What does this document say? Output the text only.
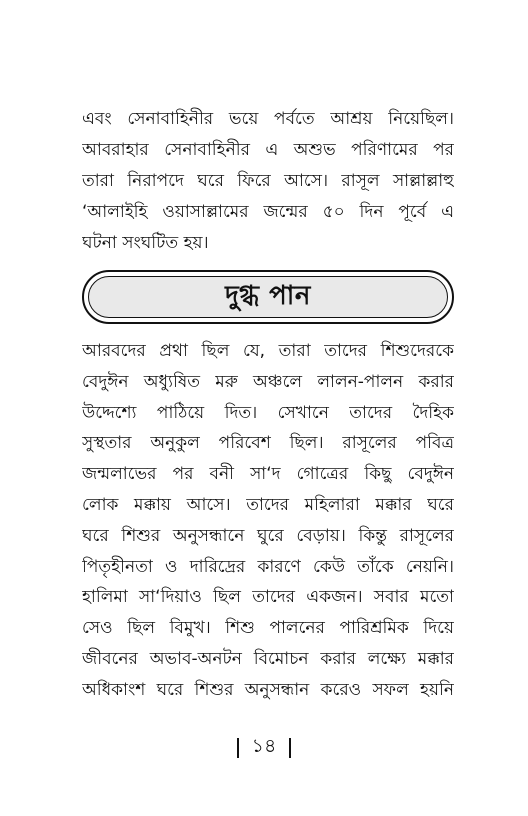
এবং সেনাবাহিনীর ভয়ে পর্বতে আশ্রয় নিয়েছিল।
আবরাহার সেনাবাহিনীর এ অশুভ পরিণামের পর
তারা নিরাপদে ঘরে ফিরে আসে। রাসূল সাল্লাল্লাহু
‘আলাইহি ওয়াসাল্লামের জন্মের ৫০ দিন পূর্বে এ
ঘটনা সংঘটিত হয়।
দুগ্ধ পান
আরবদের প্রথা ছিল যে, তারা তাদের শিশুদেরকে
বেদুঈন অধ্যুষিত মরু অঞ্চলে লালন-পালন করার
উদ্দেশ্যে পাঠিয়ে দিত। সেখানে তাদের দৈহিক
সুস্থতার অনুকুল পরিবেশ ছিল। রাসূলের পবিত্র
জন্মলাভের পর বনী সা‘দ গোত্রের কিছু বেদুঈন
লোক মক্কায় আসে। তাদের মহিলারা মক্কার ঘরে
ঘরে শিশুর অনুসন্ধানে ঘুরে বেড়ায়। কিন্তু রাসূলের
পিতৃহীনতা ও দারিদ্রের কারণে কেউ তাঁকে নেয়নি।
হালিমা সা‘দিয়াও ছিল তাদের একজন। সবার মতো
সেও ছিল বিমুখ। শিশু পালনের পারিশ্রমিক দিয়ে
জীবনের অভাব-অনটন বিমোচন করার লক্ষ্যে মক্কার
অধিকাংশ ঘরে শিশুর অনুসন্ধান করেও সফল হয়নি
১৪
